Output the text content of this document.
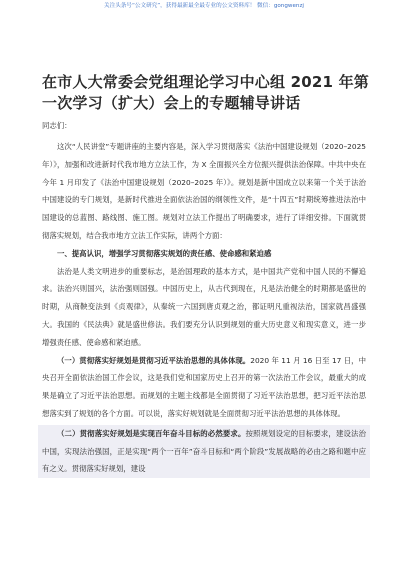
关注头条号“公文研究”，获得最新最全最专业的公文资料库！ 微信：gongwenzj
在市人大常委会党组理论学习中心组 2021 年第一次学习（扩大）会上的专题辅导讲话
同志们：

这次“人民讲堂”专题讲座的主要内容是，深入学习贯彻落实《法治中国建设规划（2020–2025 年）》，加强和改进新时代我市地方立法工作，为 X 全面振兴全方位振兴提供法治保障。中共中央在今年 1 月印发了《法治中国建设规划（2020–2025 年）》。规划是新中国成立以来第一个关于法治中国建设的专门规划，是新时代推进全面依法治国的纲领性文件，是“十四五”时期统筹推进法治中国建设的总蓝图、路线图、施工图。规划对立法工作提出了明确要求，进行了详细安排。下面就贯彻落实规划，结合我市地方立法工作实际，讲两个方面：

一、提高认识，增强学习贯彻落实规划的责任感、使命感和紧迫感

法治是人类文明进步的重要标志，是治国理政的基本方式，是中国共产党和中国人民的不懈追求。法治兴则国兴，法治强则国强。中国历史上，从古代到现在，凡是法治健全的时期都是盛世的时期，从商鞅变法到《贞观律》，从秦统一六国到唐贞观之治，都证明凡重视法治，国家就昌盛强大。我国的《民法典》就是盛世修法。我们要充分认识到规划的重大历史意义和现实意义，进一步增强责任感、使命感和紧迫感。

（一）贯彻落实好规划是贯彻习近平法治思想的具体体现。2020 年 11 月 16 日至 17 日，中央召开全面依法治国工作会议，这是我们党和国家历史上召开的第一次法治工作会议，最重大的成果是确立了习近平法治思想。而规划的主题主线都是全面贯彻了习近平法治思想，把习近平法治思想落实到了规划的各个方面。可以说，落实好规划就是全面贯彻习近平法治思想的具体体现。

（二）贯彻落实好规划是实现百年奋斗目标的必然要求。按照规划设定的目标要求，建设法治中国，实现法治强国，正是实现“两个一百年”奋斗目标和“两个阶段”发展战略的必由之路和题中应有之义。贯彻落实好规划，建设
